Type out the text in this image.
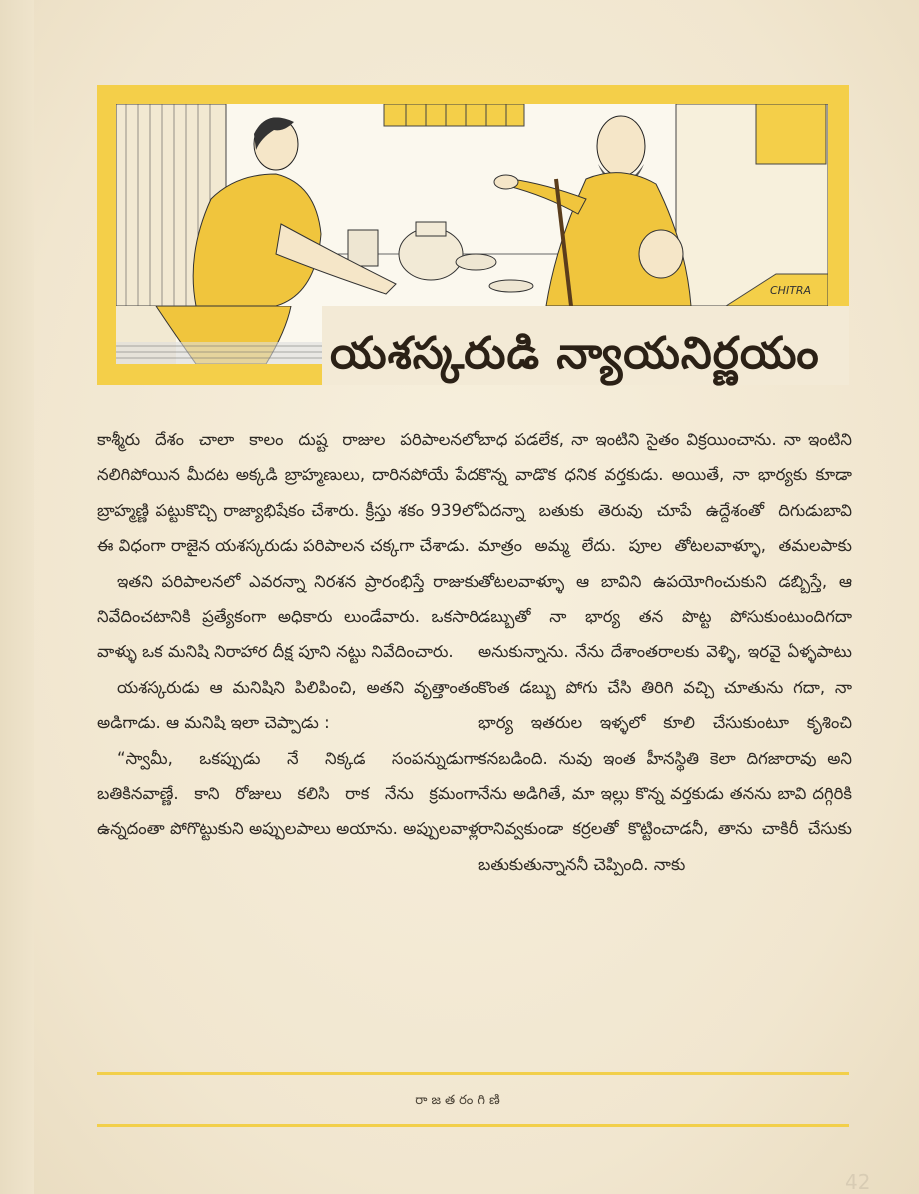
CHITRA
యశస్కరుడి న్యాయనిర్ణయం

కాశ్మీరు దేశం చాలా కాలం దుష్ట రాజుల పరిపాలనలో నలిగిపోయిన మీదట అక్కడి బ్రాహ్మణులు, దారినపోయే పేద బ్రాహ్మణ్ణి పట్టుకొచ్చి రాజ్యాభిషేకం చేశారు. క్రీస్తు శకం 939లో ఈ విధంగా రాజైన యశస్కరుడు పరిపాలన చక్కగా చేశాడు.

ఇతని పరిపాలనలో ఎవరన్నా నిరశన ప్రారంభిస్తే రాజుకు నివేదించటానికి ప్రత్యేకంగా అధికారు లుండేవారు. ఒకసారి వాళ్ళు ఒక మనిషి నిరాహార దీక్ష పూని నట్టు నివేదించారు.

యశస్కరుడు ఆ మనిషిని పిలిపించి, అతని వృత్తాంతం అడిగాడు. ఆ మనిషి ఇలా చెప్పాడు :

“స్వామీ, ఒకప్పుడు నే నిక్కడ సంపన్నుడుగా బతికినవాణ్ణే. కాని రోజులు కలిసి రాక నేను క్రమంగా ఉన్నదంతా పోగొట్టుకుని అప్పులపాలు అయాను. అప్పులవాళ్ల

బాధ పడలేక, నా ఇంటిని సైతం విక్రయించాను. నా ఇంటిని కొన్న వాడొక ధనిక వర్తకుడు. అయితే, నా భార్యకు కూడా ఏదన్నా బతుకు తెరువు చూపే ఉద్దేశంతో దిగుడుబావి మాత్రం అమ్మ లేదు. పూల తోటలవాళ్ళూ, తమలపాకు తోటలవాళ్ళూ ఆ బావిని ఉపయోగించుకుని డబ్బిస్తే, ఆ డబ్బుతో నా భార్య తన పొట్ట పోసుకుంటుందిగదా అనుకున్నాను. నేను దేశాంతరాలకు వెళ్ళి, ఇరవై ఏళ్ళపాటు కొంత డబ్బు పోగు చేసి తిరిగి వచ్చి చూతును గదా, నా భార్య ఇతరుల ఇళ్ళలో కూలి చేసుకుంటూ కృశించి కనబడింది. నువు ఇంత హీనస్థితి కెలా దిగజారావు అని నేను అడిగితే, మా ఇల్లు కొన్న వర్తకుడు తనను బావి దగ్గిరికి రానివ్వకుండా కర్రలతో కొట్టించాడనీ, తాను చాకిరీ చేసుకు బతుకుతున్నాననీ చెప్పింది. నాకు

రాజతరంగిణి
42
